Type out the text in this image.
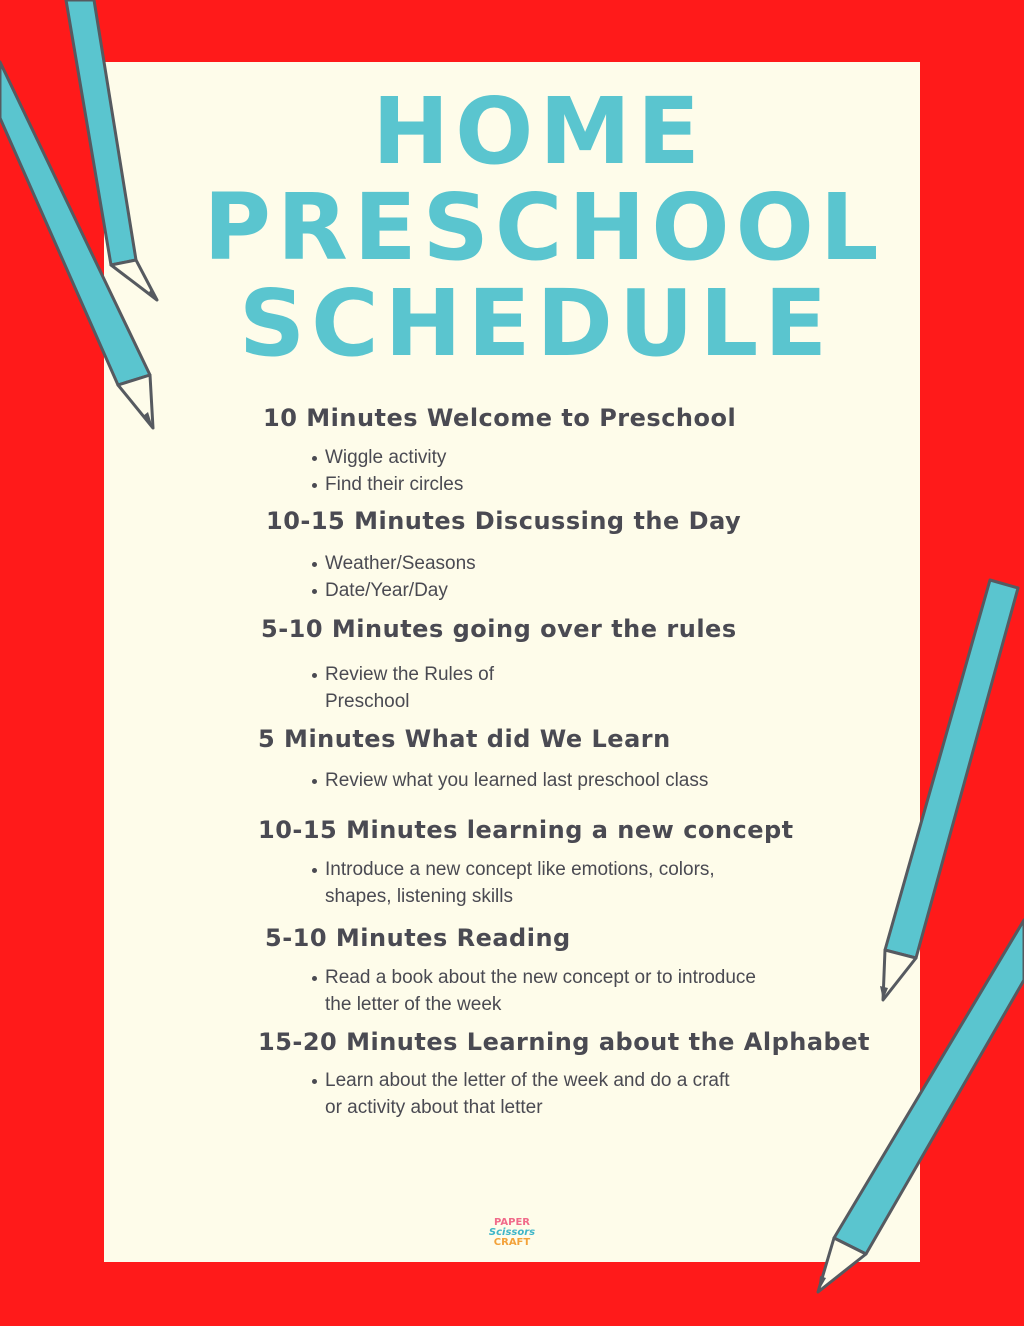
HOME
PRESCHOOL
SCHEDULE
10 Minutes Welcome to Preschool
Wiggle activity
Find their circles
10-15 Minutes Discussing the Day
Weather/Seasons
Date/Year/Day
5-10 Minutes going over the rules
Review the Rules of
Preschool
5 Minutes What did We Learn
Review what you learned last preschool class
10-15 Minutes learning a new concept
Introduce a new concept like emotions, colors,
shapes, listening skills
5-10 Minutes Reading
Read a book about the new concept or to introduce
the letter of the week
15-20 Minutes Learning about the Alphabet
Learn about the letter of the week and do a craft
or activity about that letter
PAPER
Scissors
CRAFT
